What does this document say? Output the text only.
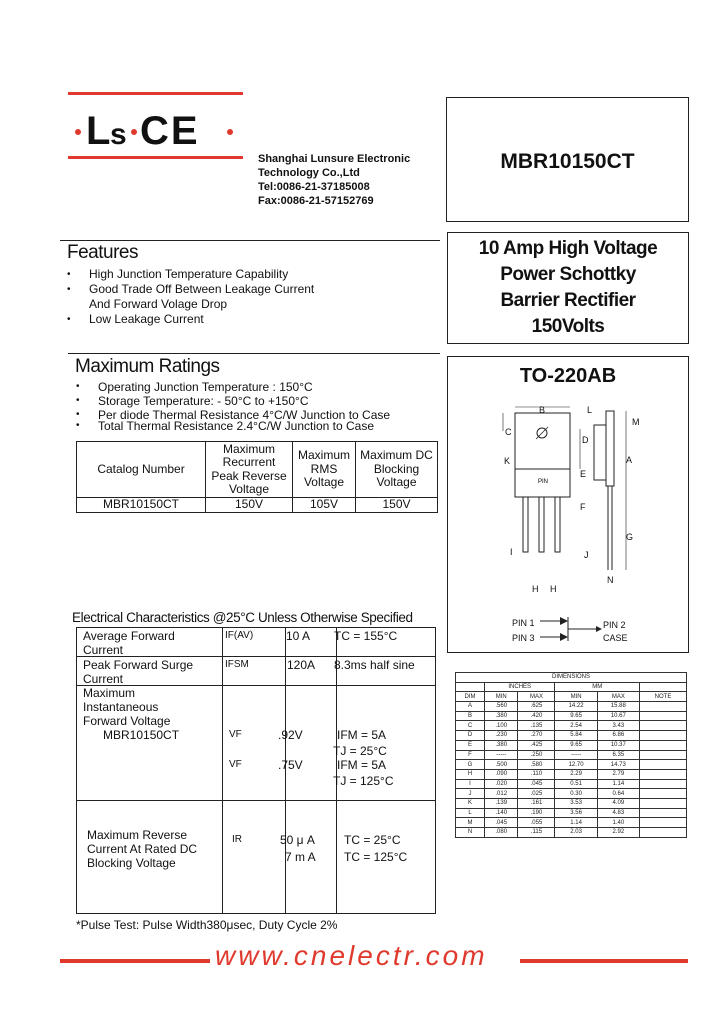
L
s CE
Shanghai Lunsure Electronic
Technology Co.,Ltd
Tel:0086-21-37185008
Fax:0086-21-57152769
MBR10150CT
Features
• High Junction Temperature Capability
• Good Trade Off Between Leakage Current
And Forward Volage Drop
• Low Leakage Current
10 Amp High Voltage
Power Schottky
Barrier Rectifier
150Volts
Maximum Ratings
• Operating Junction Temperature : 150°C
• Storage Temperature: - 50°C to +150°C
• Per diode Thermal Resistance 4°C/W Junction to Case
• Total Thermal Resistance 2.4°C/W Junction to Case
Catalog Number	Maximum Recurrent Peak Reverse Voltage	Maximum RMS Voltage	Maximum DC Blocking Voltage
MBR10150CT	150V	105V	150V
TO-220AB
PIN
B	L
M
C
D
K	A
E
F
G
I	J
H H
N
PIN 1
PIN 3
PIN 2
CASE
Electrical Characteristics @25°C Unless Otherwise Specified
Average Forward Current
IF(AV)	10 A TC = 155°C
Peak Forward Surge Current
IFSM	120A 8.3ms half sine
Maximum Instantaneous Forward Voltage
MBR10150CT	VF	.92V	IFM = 5A
TJ = 25°C
VF	.75V	IFM = 5A
TJ = 125°C
Maximum Reverse Current At Rated DC Blocking Voltage
IR	50 μ A TC = 25°C
7 m A TC = 125°C
DIMENSIONS					
	INCHES		MM		
DIM	MIN	MAX	MIN	MAX	NOTE
A	.560	.625	14.22	15.88	
B	.380	.420	9.65	10.67	
C	.100	.135	2.54	3.43	
D	.230	.270	5.84	6.86	
E	.380	.425	9.65	10.37	
F	-----	.250	-----	6.35	
G	.500	.580	12.70	14.73	
H	.090	.110	2.29	2.79	
I	.020	.045	0.51	1.14	
J	.012	.025	0.30	0.64	
K	.139	.161	3.53	4.09	
L	.140	.190	3.56	4.83	
M	.045	.055	1.14	1.40	
N	.080	.115	2.03	2.92	
*Pulse Test: Pulse Width380μsec, Duty Cycle 2%
www.cnelectr.com
